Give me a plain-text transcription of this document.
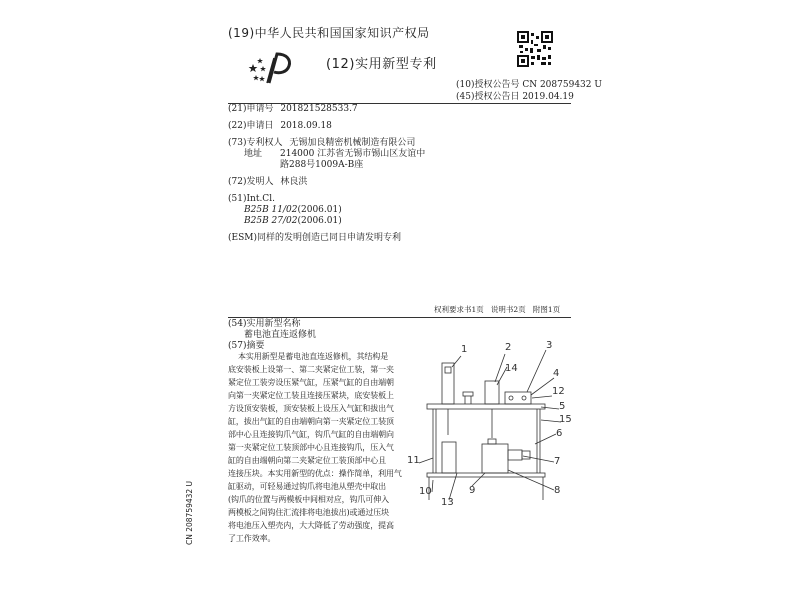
(19)中华人民共和国国家知识产权局
(12)实用新型专利
(10)授权公告号 CN 208759432 U
(45)授权公告日 2019.04.19
(21)申请号 201821528533.7
(22)申请日 2018.09.18
(73)专利权人 无锡加良精密机械制造有限公司
地址 214000 江苏省无锡市锡山区友谊中
路288号1009A-B座
(72)发明人 林良洪
(51)Int.Cl.
B25B 11/02(2006.01)
B25B 27/02(2006.01)
(ESM)同样的发明创造已同日申请发明专利
权利要求书1页   说明书2页   附图1页
(54)实用新型名称
蓄电池直连返修机
(57)摘要
本实用新型是蓄电池直连返修机，其结构是
底安装板上设第一、第二夹紧定位工装，第一夹
紧定位工装旁设压紧气缸，压紧气缸的自由端朝
向第一夹紧定位工装且连接压紧块，底安装板上
方设顶安装板，顶安装板上设压入气缸和拔出气
缸，拔出气缸的自由端朝向第一夹紧定位工装顶
部中心且连接钩爪气缸，钩爪气缸的自由端朝向
第一夹紧定位工装顶部中心且连接钩爪，压入气
缸的自由端朝向第二夹紧定位工装顶部中心且
连接压块。本实用新型的优点：操作简单，利用气
缸驱动，可轻易通过钩爪将电池从塑壳中取出
(钩爪的位置与两模板中间相对应，钩爪可伸入
两模板之间钩住汇流排将电池拔出)或通过压块
将电池压入塑壳内，大大降低了劳动强度，提高
了工作效率。
CN 208759432 U
1	2	3
4
12
5
15
6
7
8
9
13
10
11
14
